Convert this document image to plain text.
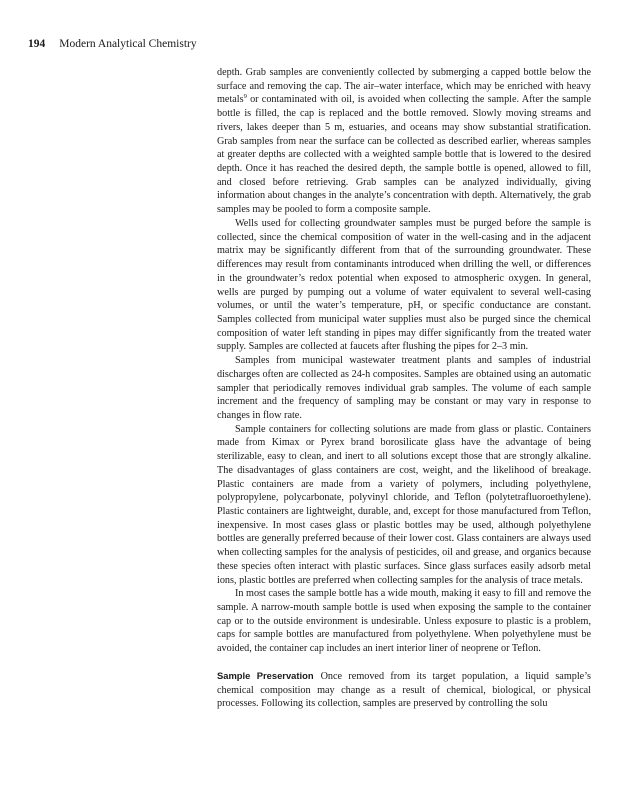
194 Modern Analytical Chemistry

depth. Grab samples are conveniently collected by submerging a capped bottle below the surface and removing the cap. The air–water interface, which may be enriched with heavy metals$^9$ or contaminated with oil, is avoided when collecting the sample. After the sample bottle is filled, the cap is replaced and the bottle removed. Slowly moving streams and rivers, lakes deeper than 5 m, estuaries, and oceans may show substantial stratification. Grab samples from near the surface can be collected as described earlier, whereas samples at greater depths are collected with a weighted sample bottle that is lowered to the desired depth. Once it has reached the desired depth, the sample bottle is opened, allowed to fill, and closed before retrieving. Grab samples can be analyzed individually, giving information about changes in the analyte’s concentration with depth. Alternatively, the grab samples may be pooled to form a composite sample.

Wells used for collecting groundwater samples must be purged before the sample is collected, since the chemical composition of water in the well-casing and in the adjacent matrix may be significantly different from that of the surrounding groundwater. These differences may result from contaminants introduced when drilling the well, or differences in the groundwater’s redox potential when exposed to atmospheric oxygen. In general, wells are purged by pumping out a volume of water equivalent to several well-casing volumes, or until the water’s temperature, pH, or specific conductance are constant. Samples collected from municipal water supplies must also be purged since the chemical composition of water left standing in pipes may differ significantly from the treated water supply. Samples are collected at faucets after flushing the pipes for 2–3 min.

Samples from municipal wastewater treatment plants and samples of industrial discharges often are collected as 24-h composites. Samples are obtained using an automatic sampler that periodically removes individual grab samples. The volume of each sample increment and the frequency of sampling may be constant or may vary in response to changes in flow rate.

Sample containers for collecting solutions are made from glass or plastic. Containers made from Kimax or Pyrex brand borosilicate glass have the advantage of being sterilizable, easy to clean, and inert to all solutions except those that are strongly alkaline. The disadvantages of glass containers are cost, weight, and the likelihood of breakage. Plastic containers are made from a variety of polymers, including polyethylene, polypropylene, polycarbonate, polyvinyl chloride, and Teflon (polytetrafluoroethylene). Plastic containers are lightweight, durable, and, except for those manufactured from Teflon, inexpensive. In most cases glass or plastic bottles may be used, although polyethylene bottles are generally preferred because of their lower cost. Glass containers are always used when collecting samples for the analysis of pesticides, oil and grease, and organics because these species often interact with plastic surfaces. Since glass surfaces easily adsorb metal ions, plastic bottles are preferred when collecting samples for the analysis of trace metals.

In most cases the sample bottle has a wide mouth, making it easy to fill and remove the sample. A narrow-mouth sample bottle is used when exposing the sample to the container cap or to the outside environment is undesirable. Unless exposure to plastic is a problem, caps for sample bottles are manufactured from polyethylene. When polyethylene must be avoided, the container cap includes an inert interior liner of neoprene or Teflon.

Sample Preservation Once removed from its target population, a liquid sample’s chemical composition may change as a result of chemical, biological, or physical processes. Following its collection, samples are preserved by controlling the solu
